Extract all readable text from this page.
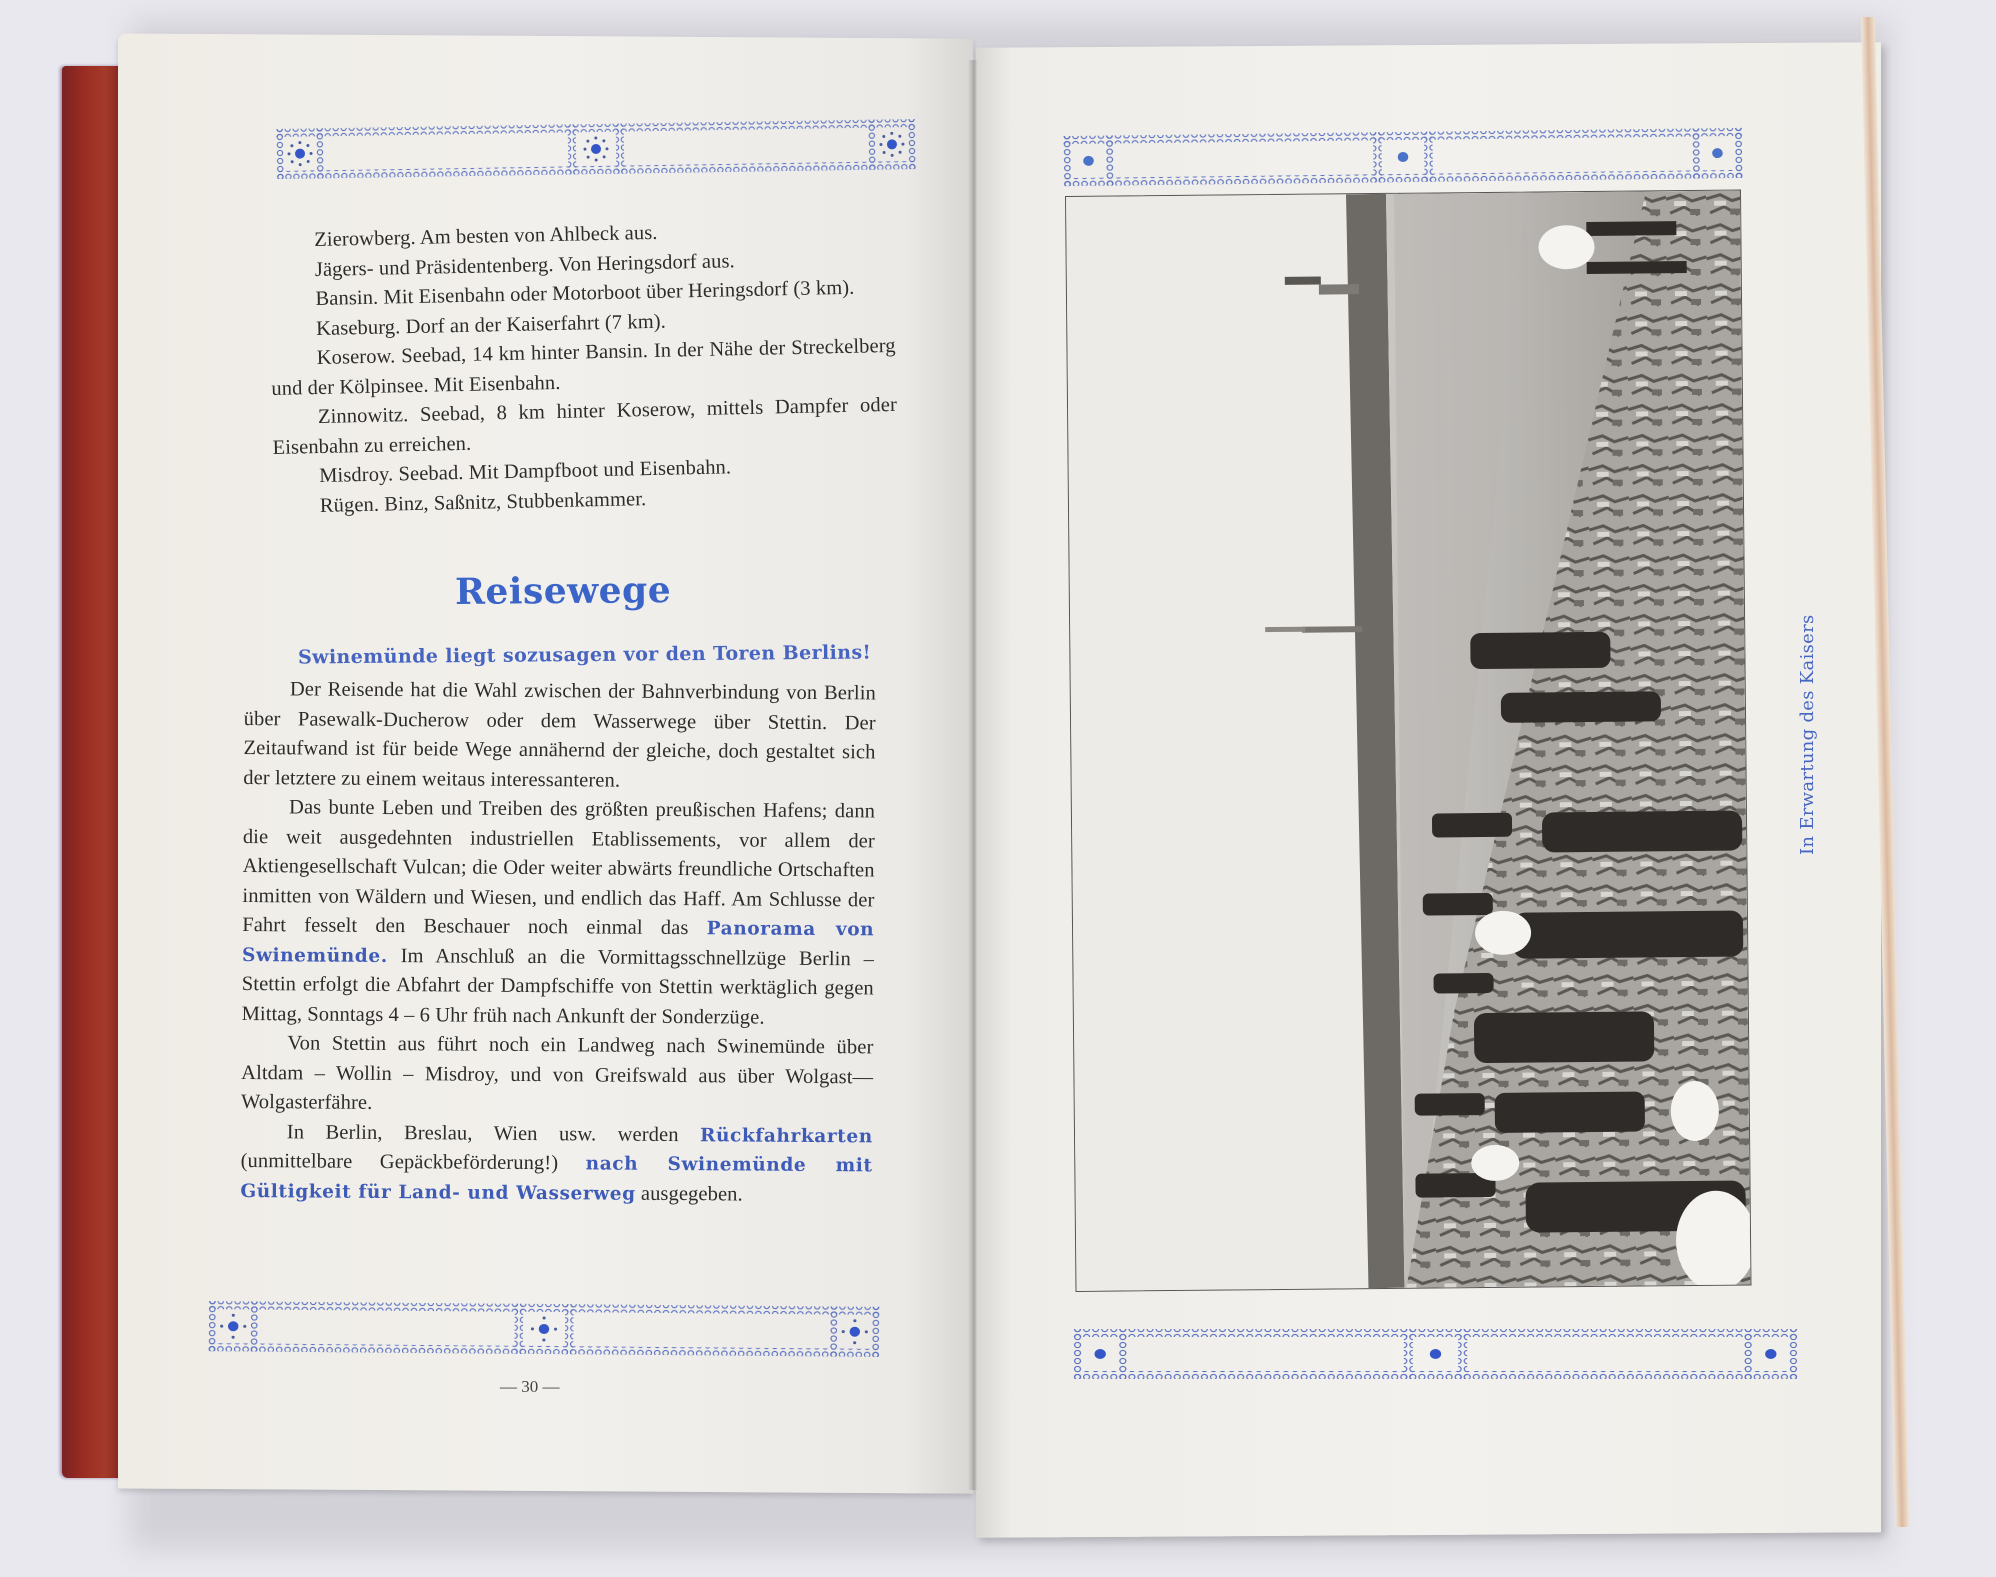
Zierowberg. Am besten von Ahlbeck aus.

Jägers- und Präsidentenberg. Von Heringsdorf aus.

Bansin. Mit Eisenbahn oder Motorboot über Heringsdorf (3 km).

Kaseburg. Dorf an der Kaiserfahrt (7 km).

Koserow. Seebad, 14 km hinter Bansin. In der Nähe der Streckelberg und der Kölpinsee. Mit Eisenbahn.

Zinnowitz. Seebad, 8 km hinter Koserow, mittels Dampfer oder Eisenbahn zu erreichen.

Misdroy. Seebad. Mit Dampfboot und Eisenbahn.

Rügen. Binz, Saßnitz, Stubbenkammer.

Reisewege
Swinemünde liegt sozusagen vor den Toren Berlins!

Der Reisende hat die Wahl zwischen der Bahnverbindung von Berlin über Pasewalk-Ducherow oder dem Wasserwege über Stettin. Der Zeitaufwand ist für beide Wege annähernd der gleiche, doch gestaltet sich der letztere zu einem weitaus interessanteren.

Das bunte Leben und Treiben des größten preußischen Hafens; dann die weit ausgedehnten industriellen Etablissements, vor allem der Aktiengesellschaft Vulcan; die Oder weiter abwärts freundliche Ortschaften inmitten von Wäldern und Wiesen, und endlich das Haff. Am Schlusse der Fahrt fesselt den Beschauer noch einmal das Panorama von Swinemünde. Im Anschluß an die Vormittagsschnellzüge Berlin – Stettin erfolgt die Abfahrt der Dampfschiffe von Stettin werktäglich gegen Mittag, Sonntags 4 – 6 Uhr früh nach Ankunft der Sonderzüge.

Von Stettin aus führt noch ein Landweg nach Swinemünde über Altdam – Wollin – Misdroy, und von Greifswald aus über Wolgast—Wolgasterfähre.

In Berlin, Breslau, Wien usw. werden Rückfahrkarten (unmittelbare Gepäckbeförderung!) nach Swinemünde mit Gültigkeit für Land- und Wasserweg ausgegeben.

— 30 —
In Erwartung des Kaisers
